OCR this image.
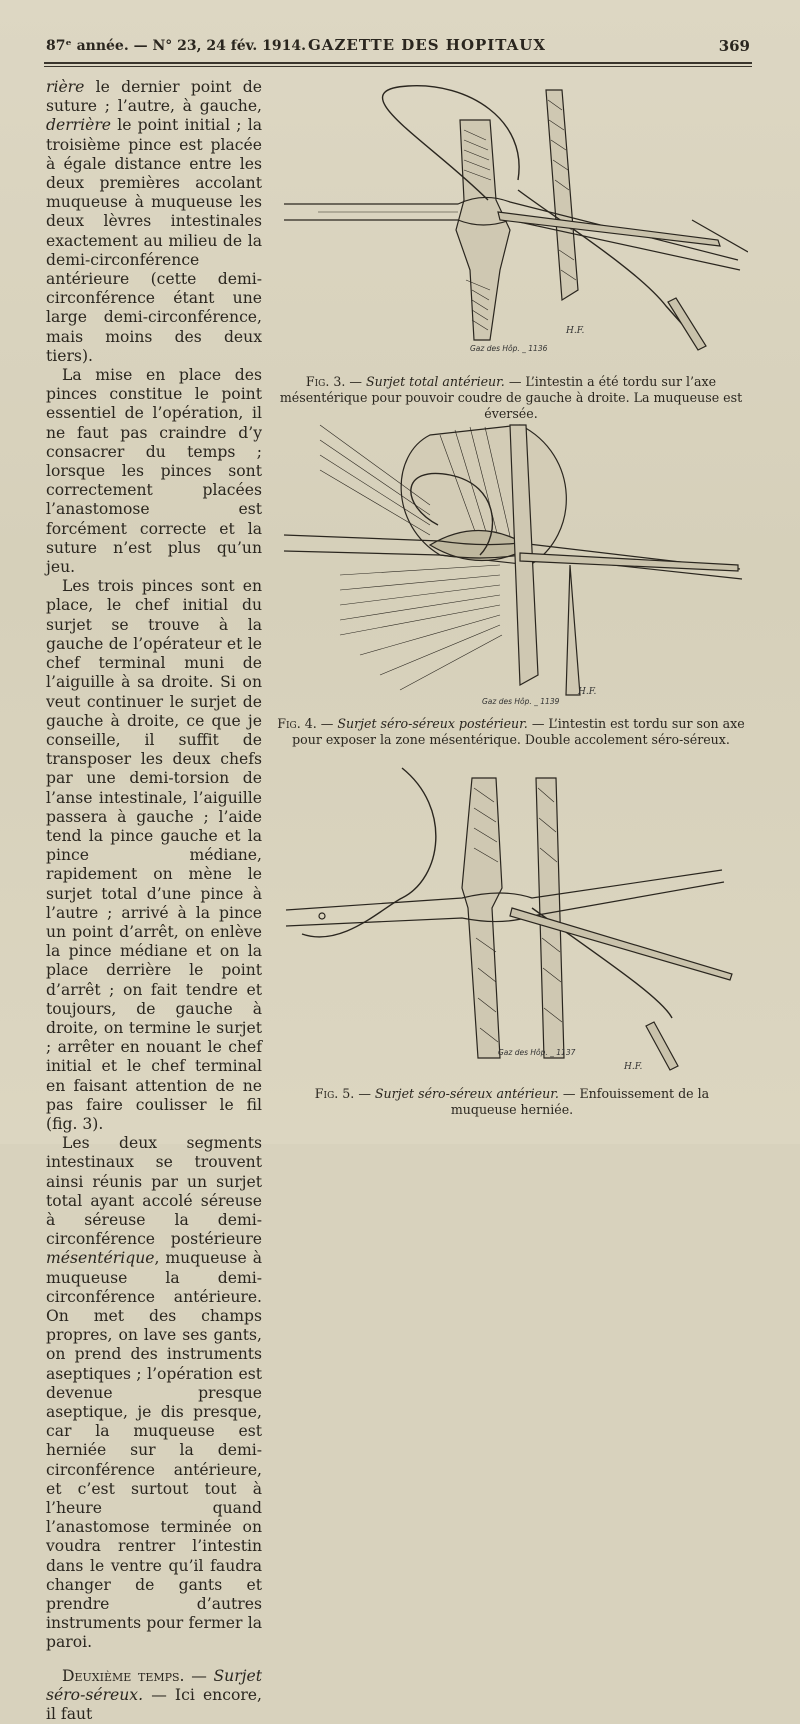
87ᵉ année. — N° 23, 24 fév. 1914. GAZETTE DES HOPITAUX	369

rière le dernier point de suture ; l’autre, à gauche, derrière le point initial ; la troisième pince est placée à égale distance entre les deux premières accolant muqueuse à muqueuse les deux lèvres intestinales exactement au milieu de la demi-circonférence antérieure (cette demi-circonférence étant une large demi-circonférence, mais moins des deux tiers).

La mise en place des pinces constitue le point essentiel de l’opération, il ne faut pas craindre d’y consacrer du temps ; lorsque les pinces sont correctement placées l’anastomose est forcément correcte et la suture n’est plus qu’un jeu.

Les trois pinces sont en place, le chef initial du surjet se trouve à la gauche de l’opérateur et le chef terminal muni de l’aiguille à sa droite. Si on veut continuer le surjet de gauche à droite, ce que je conseille, il suffit de transposer les deux chefs par une demi-torsion de l’anse intestinale, l’aiguille passera à gauche ; l’aide tend la pince gauche et la pince médiane, rapidement on mène le surjet total d’une pince à l’autre ; arrivé à la pince un point d’arrêt, on enlève la pince médiane et on la place derrière le point d’arrêt ; on fait tendre et toujours, de gauche à droite, on termine le surjet ; arrêter en nouant le chef initial et le chef terminal en faisant attention de ne pas faire coulisser le fil (fig. 3).

Les deux segments intestinaux se trouvent ainsi réunis par un surjet total ayant accolé séreuse à séreuse la demi-circonférence postérieure mésentérique, muqueuse à muqueuse la demi-circonférence antérieure. On met des champs propres, on lave ses gants, on prend des instruments aseptiques ; l’opération est devenue presque aseptique, je dis presque, car la muqueuse est herniée sur la demi-circonférence antérieure, et c’est surtout tout à l’heure quand l’anastomose terminée on voudra rentrer l’intestin dans le ventre qu’il faudra changer de gants et prendre d’autres instruments pour fermer la paroi.

Deuxième temps. — Surjet séro-séreux. — Ici encore, il faut

Gaz des Hôp. _ 1136
H.F.
Fig. 3. — Surjet total antérieur. — L’intestin a été tordu sur l’axe mésentérique pour pouvoir coudre de gauche à droite. La muqueuse est éversée.
Gaz des Hôp. _ 1139
H.F.
Fig. 4. — Surjet séro-séreux postérieur. — L’intestin est tordu sur son axe pour exposer la zone mésentérique. Double accolement séro-séreux.
Gaz des Hôp. _ 1137
H.F.
Fig. 5. — Surjet séro-séreux antérieur. — Enfouissement de la muqueuse herniée.
